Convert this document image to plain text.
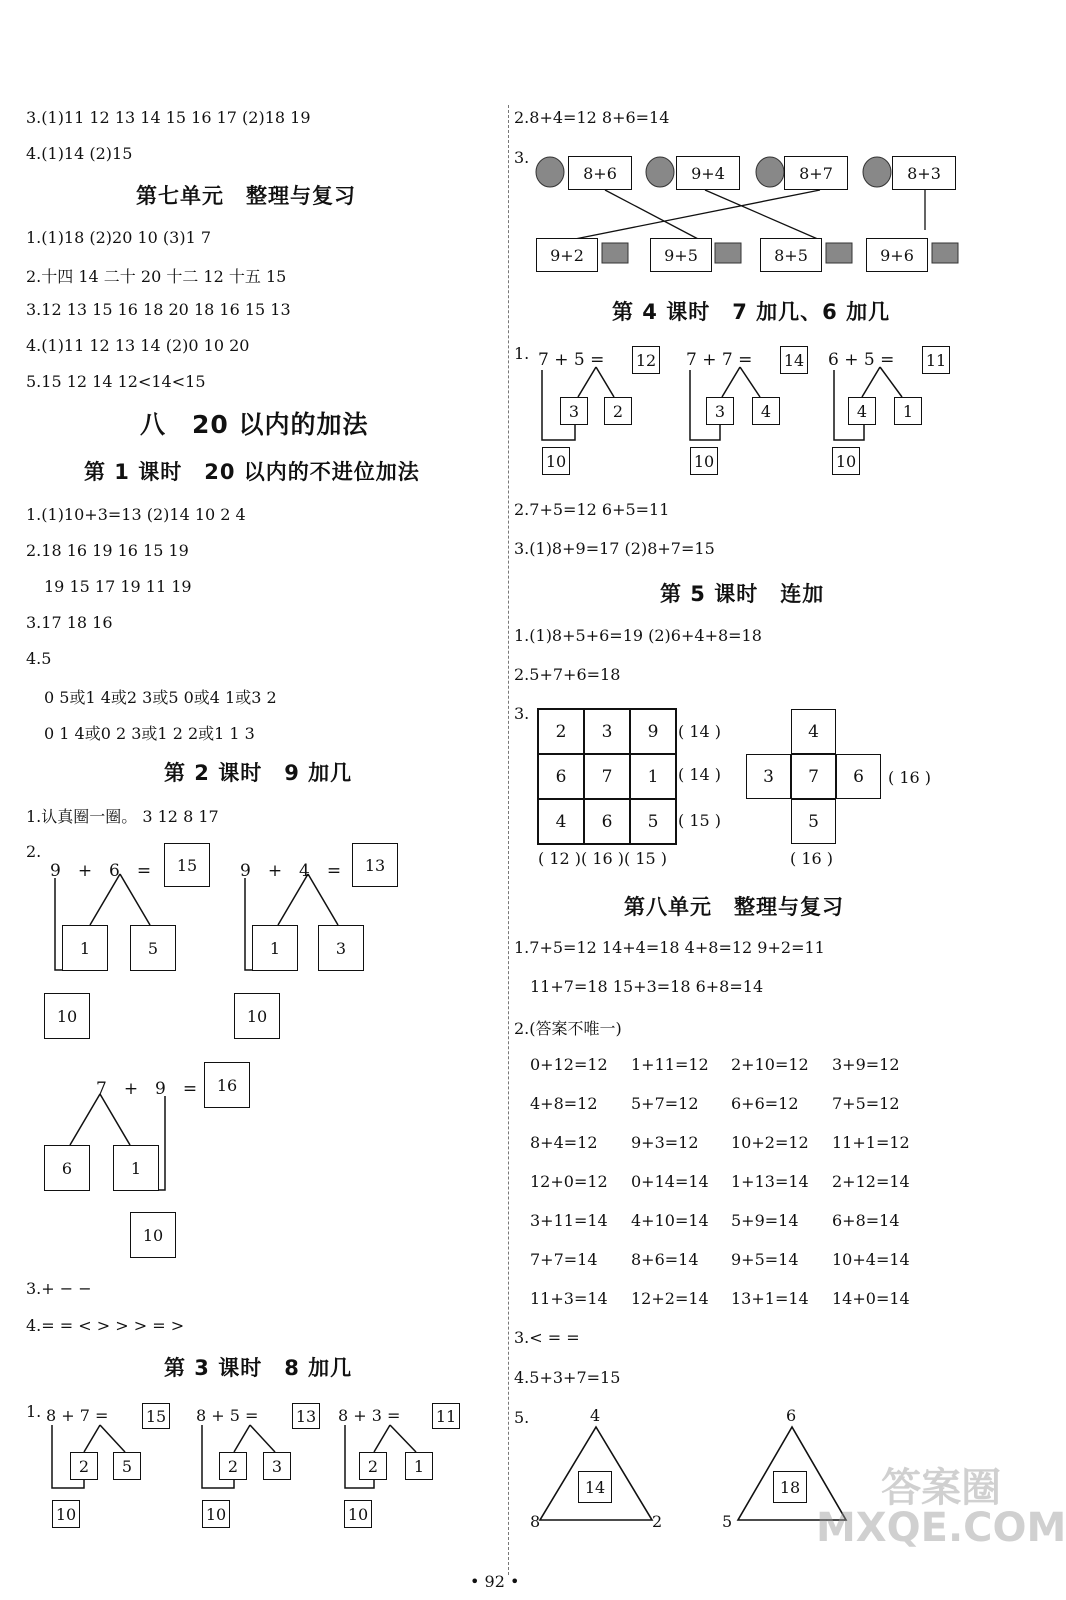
3.(1)11 12 13 14 15 16 17 (2)18 19
4.(1)14 (2)15
第七单元　整理与复习
1.(1)18 (2)20 10 (3)1 7
2.十四 14 二十 20 十二 12 十五 15
3.12 13 15 16 18 20 18 16 15 13
4.(1)11 12 13 14 (2)0 10 20
5.15 12 14 12<14<15
八　20 以内的加法
第 1 课时　20 以内的不进位加法
1.(1)10+3=13 (2)14 10 2 4
2.18 16 19 16 15 19
19 15 17 19 11 19
3.17 18 16
4.5
0 5或1 4或2 3或5 0或4 1或3 2
0 1 4或0 2 3或1 2 2或1 1 3
第 2 课时　9 加几
1.认真圈一圈。 3 12 8 17
2.
9　+　6　=	15
1	5
10
9　+　4　=	13
1	3
10
7　+　9　=	16
6	1
10
3.+ − −
4.= = < > > > = >
第 3 课时　8 加几
1. 8 + 7 = 15
2	5
10
8 + 5 = 13
2	3
10
8 + 3 = 11
2	1
10
2.8+4=12 8+6=14
3.
8+6	9+4	8+7	8+3
9+2	9+5	8+5	9+6
第 4 课时　7 加几、6 加几
1. 7 + 5 = 12
3	2
10
7 + 7 = 14
3	4
10
6 + 5 = 11
4	1
10
2.7+5=12 6+5=11
3.(1)8+9=17 (2)8+7=15
第 5 课时　连加
1.(1)8+5+6=19 (2)6+4+8=18
2.5+7+6=18
3.
2	3	9
6	7	1
4	6	5
( 14 )
( 14 )
( 15 )
( 12 )( 16 )( 15 )
4
3	7	6
5
( 16 )
( 16 )
第八单元　整理与复习
1.7+5=12 14+4=18 4+8=12 9+2=11
11+7=18 15+3=18 6+8=14
2.(答案不唯一)
0+12=12 1+11=12 2+10=12 3+9=12
4+8=12 5+7=12 6+6=12 7+5=12
8+4=12 9+3=12 10+2=12 11+1=12
12+0=12 0+14=14 1+13=14 2+12=14
3+11=14 4+10=14 5+9=14 6+8=14
7+7=14 8+6=14 9+5=14 10+4=14
11+3=14 12+2=14 13+1=14 14+0=14
3.< = =
4.5+3+7=15
5.	4
8	2
14
6
5
18	答案圈
MXQE.COM
• 92 •
